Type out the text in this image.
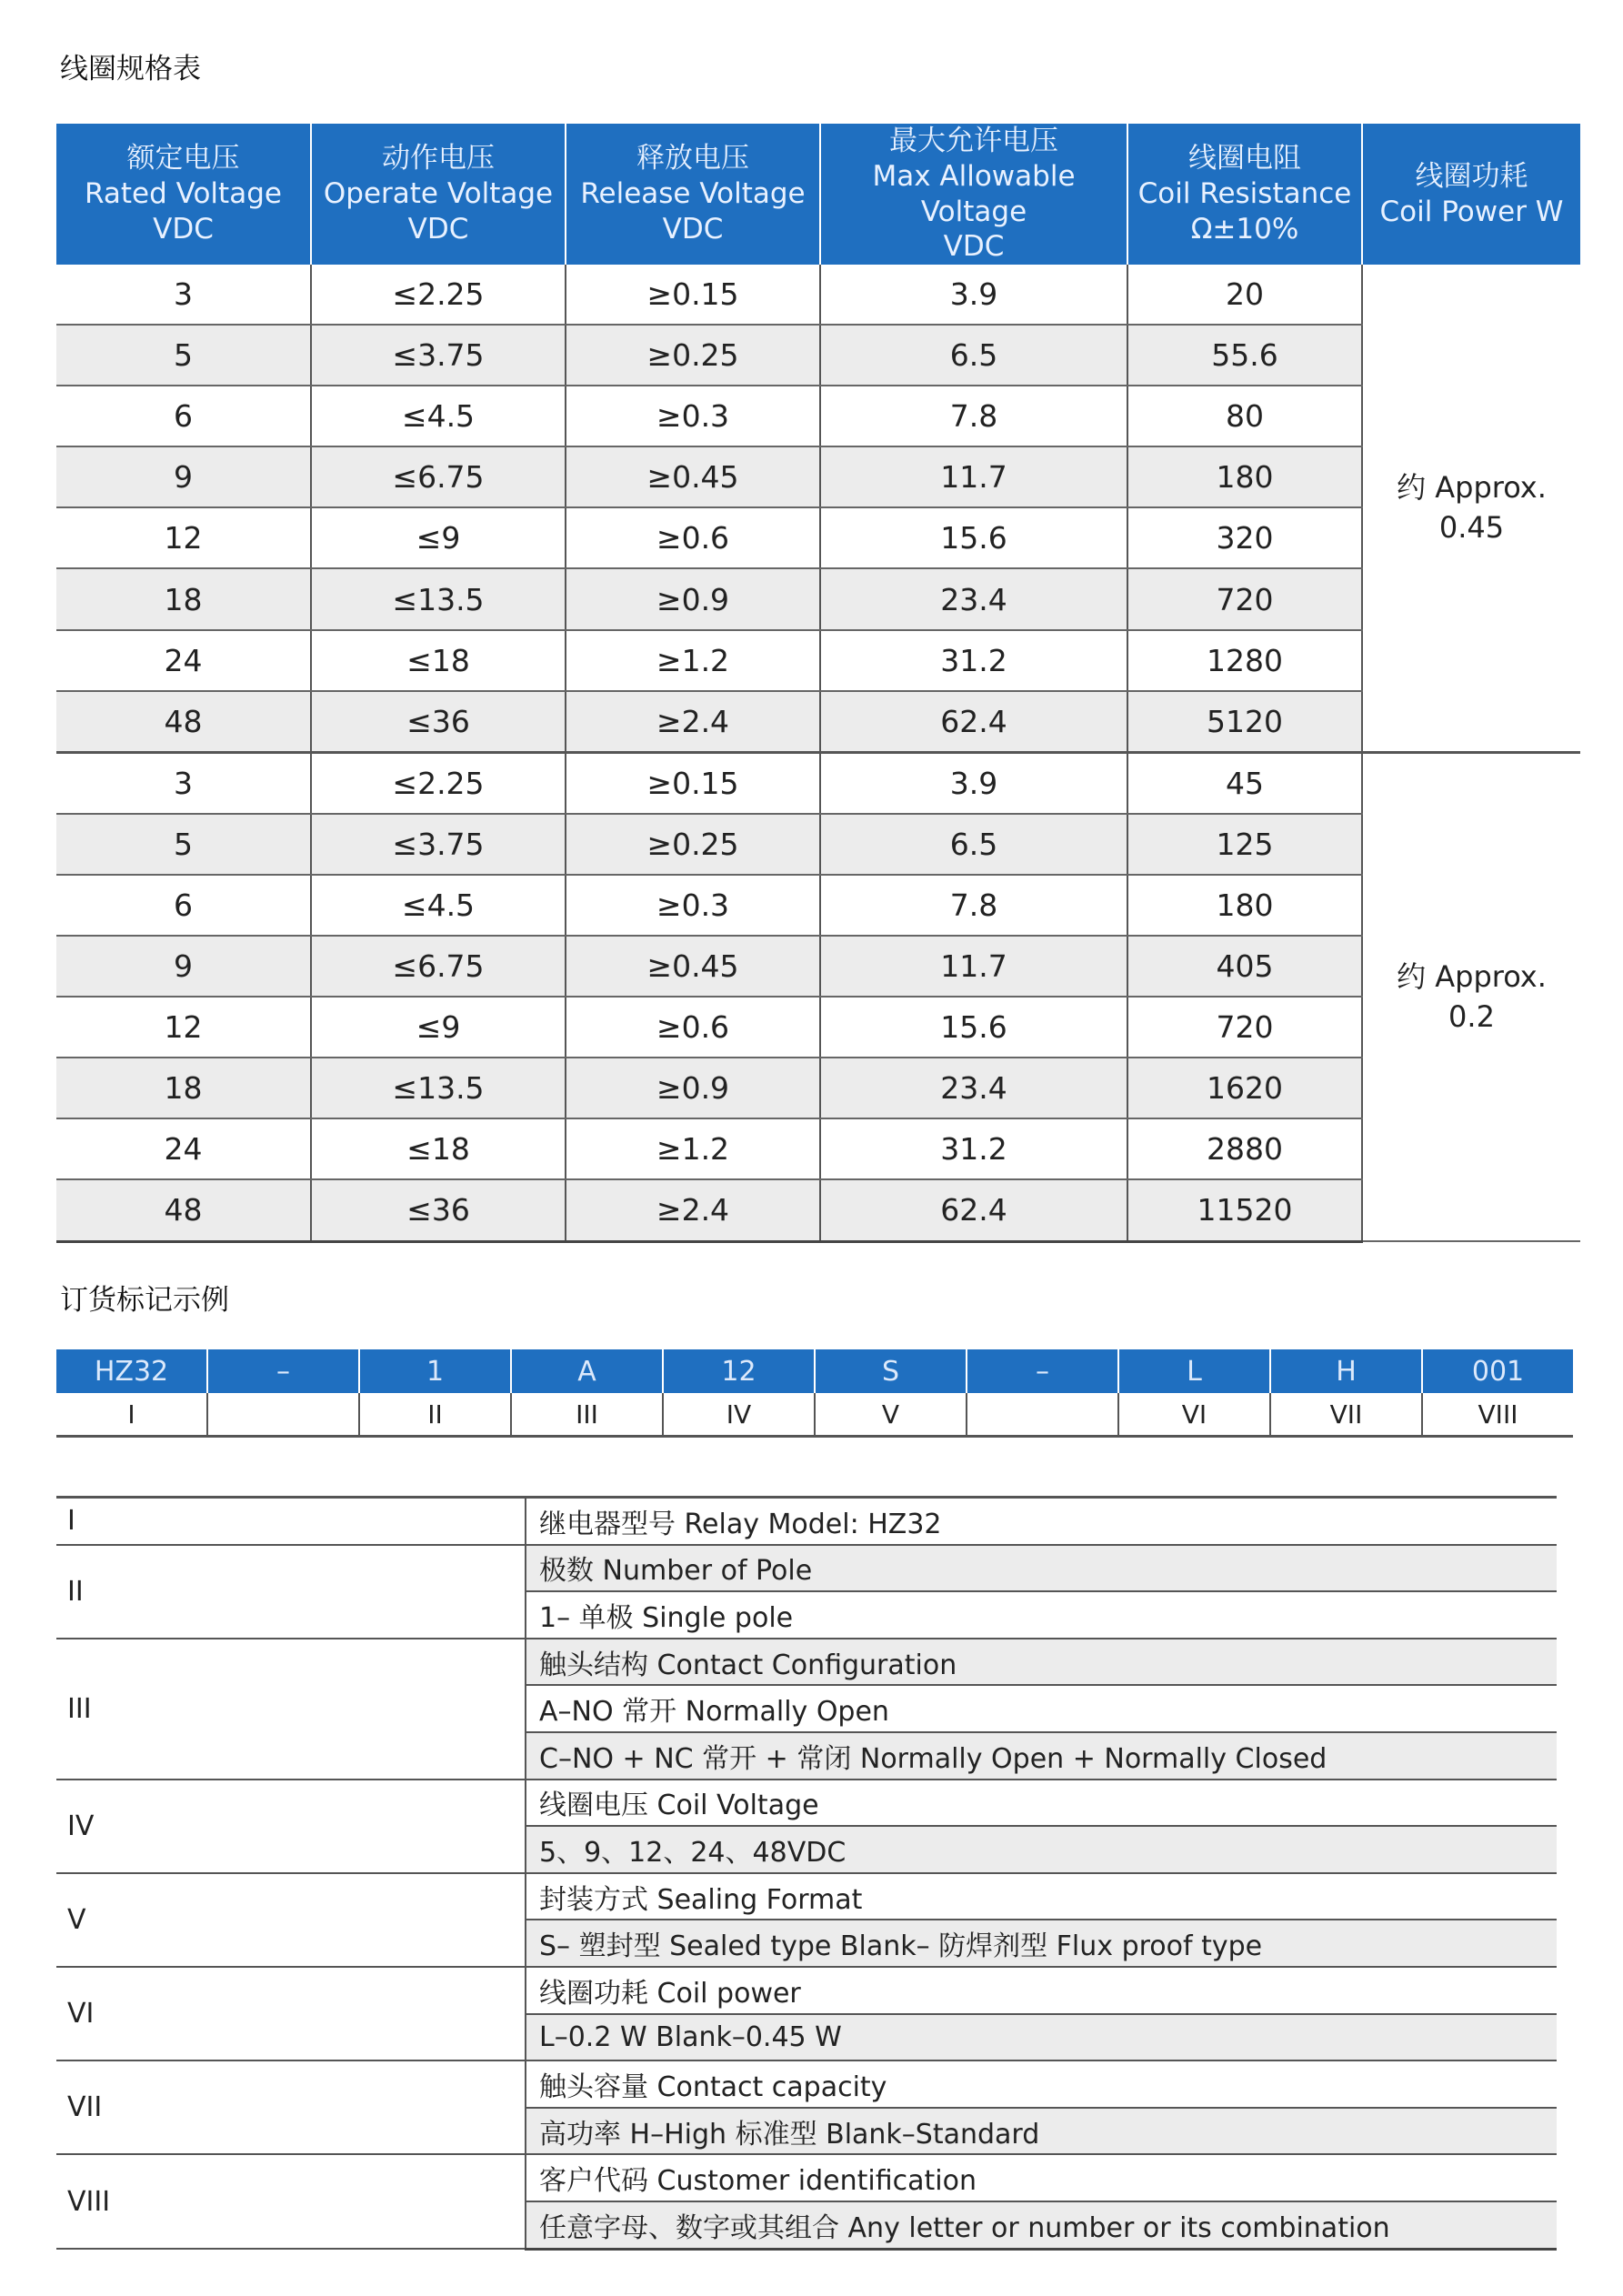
线圈规格表
额定电压
Rated Voltage VDC	动作电压
Operate Voltage
VDC	释放电压
Release Voltage VDC	最大允许电压
Max Allowable Voltage
VDC	线圈电阻
Coil Resistance
Ω±10%	线圈功耗
Coil Power W
3	≤2.25	≥0.15	3.9	20	约 Approx.
0.45
5	≤3.75	≥0.25	6.5	55.6	
6	≤4.5	≥0.3	7.8	80	
9	≤6.75	≥0.45	11.7	180	
12	≤9	≥0.6	15.6	320	
18	≤13.5	≥0.9	23.4	720	
24	≤18	≥1.2	31.2	1280	
48	≤36	≥2.4	62.4	5120	
3	≤2.25	≥0.15	3.9	45	约 Approx.
0.2
5	≤3.75	≥0.25	6.5	125	
6	≤4.5	≥0.3	7.8	180	
9	≤6.75	≥0.45	11.7	405	
12	≤9	≥0.6	15.6	720	
18	≤13.5	≥0.9	23.4	1620	
24	≤18	≥1.2	31.2	2880	
48	≤36	≥2.4	62.4	11520	
订货标记示例
HZ32	–	1	A	12	S	–	L	H	001
I		II	III	IV	V		VI	VII	VIII
I	继电器型号 Relay Model: HZ32
II	极数 Number of Pole
	1– 单极 Single pole
III	触头结构 Contact Configuration
	A–NO 常开 Normally Open
	C–NO + NC 常开 + 常闭 Normally Open + Normally Closed
IV	线圈电压 Coil Voltage
	5、9、12、24、48VDC
V	封装方式 Sealing Format
	S– 塑封型 Sealed type Blank– 防焊剂型 Flux proof type
VI	线圈功耗 Coil power
	L–0.2 W Blank–0.45 W
VII	触头容量 Contact capacity
	高功率 H–High 标准型 Blank–Standard
VIII	客户代码 Customer identification
	任意字母、数字或其组合 Any letter or number or its combination
